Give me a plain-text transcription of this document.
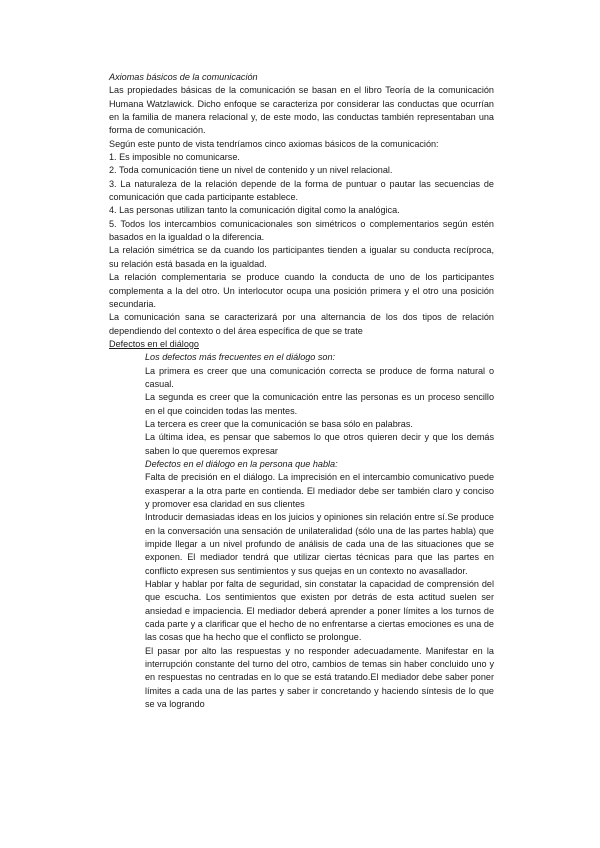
Axiomas básicos de la comunicación

Las propiedades básicas de la comunicación se basan en el libro Teoría de la comunicación Humana Watzlawick. Dicho enfoque se caracteriza por considerar las conductas que ocurrían en la familia de manera relacional y, de este modo, las conductas también representaban una forma de comunicación.

Según este punto de vista tendríamos cinco axiomas básicos de la comunicación:

1. Es imposible no comunicarse.

2. Toda comunicación tiene un nivel de contenido y un nivel relacional.

3. La naturaleza de la relación depende de la forma de puntuar o pautar las secuencias de comunicación que cada participante establece.

4. Las personas utilizan tanto la comunicación digital como la analógica.

5. Todos los intercambios comunicacionales son simétricos o complementarios según estén basados en la igualdad o la diferencia.

La relación simétrica se da cuando los participantes tienden a igualar su conducta recíproca, su relación está basada en la igualdad.

La relación complementaria se produce cuando la conducta de uno de los participantes complementa a la del otro. Un interlocutor ocupa una posición primera y el otro una posición secundaria.

La comunicación sana se caracterizará por una alternancia de los dos tipos de relación dependiendo del contexto o del área específica de que se trate

Defectos en el diálogo

Los defectos más frecuentes en el diálogo son:

La primera es creer que una comunicación correcta se produce de forma natural o casual.

La segunda es creer que la comunicación entre las personas es un proceso sencillo en el que coinciden todas las mentes.

La tercera es creer que la comunicación se basa sólo en palabras.

La última idea, es pensar que sabemos lo que otros quieren decir y que los demás saben lo que queremos expresar

Defectos en el diálogo en la persona que habla:

Falta de precisión en el diálogo. La imprecisión en el intercambio comunicativo puede exasperar a la otra parte en contienda. El mediador debe ser también claro y conciso y promover esa claridad en sus clientes

Introducir demasiadas ideas en los juicios y opiniones sin relación entre sí.Se produce en la conversación una sensación de unilateralidad (sólo una de las partes habla) que impide llegar a un nivel profundo de análisis de cada una de las situaciones que se exponen. El mediador tendrá que utilizar ciertas técnicas para que las partes en conflicto expresen sus sentimientos y sus quejas en un contexto no avasallador.

Hablar y hablar por falta de seguridad, sin constatar la capacidad de comprensión del que escucha. Los sentimientos que existen por detrás de esta actitud suelen ser ansiedad e impaciencia. El mediador deberá aprender a poner límites a los turnos de cada parte y a clarificar que el hecho de no enfrentarse a ciertas emociones es una de las cosas que ha hecho que el conflicto se prolongue.

El pasar por alto las respuestas y no responder adecuadamente. Manifestar en la interrupción constante del turno del otro, cambios de temas sin haber concluido uno y en respuestas no centradas en lo que se está tratando.El mediador debe saber poner límites a cada una de las partes y saber ir concretando y haciendo síntesis de lo que se va logrando
